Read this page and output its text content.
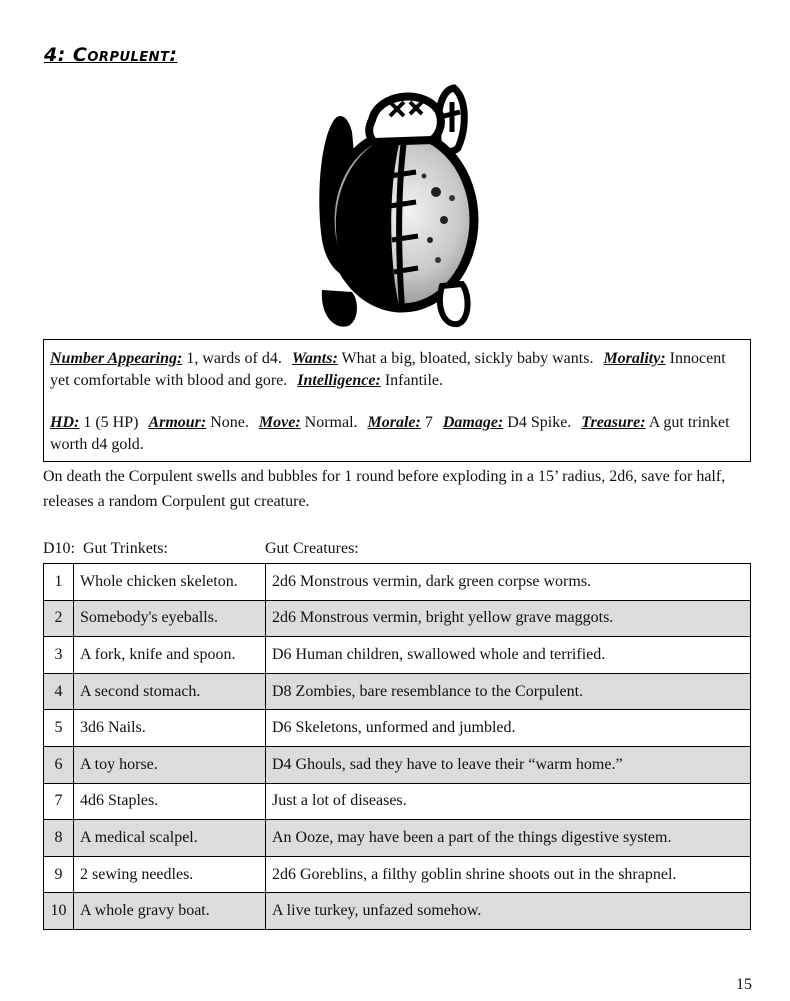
4: Corpulent:

Number Appearing: 1, wards of d4. Wants: What a big, bloated, sickly baby wants. Morality: Innocent yet comfortable with blood and gore. Intelligence: Infantile.

HD: 1 (5 HP) Armour: None. Move: Normal. Morale: 7 Damage: D4 Spike. Treasure: A gut trinket worth d4 gold.

On death the Corpulent swells and bubbles for 1 round before exploding in a 15’ radius, 2d6, save for half, releases a random Corpulent gut creature.

D10: Gut Trinkets:	Gut Creatures:
1	Whole chicken skeleton.	2d6 Monstrous vermin, dark green corpse worms.
2	Somebody's eyeballs.	2d6 Monstrous vermin, bright yellow grave maggots.
3	A fork, knife and spoon.	D6 Human children, swallowed whole and terrified.
4	A second stomach.	D8 Zombies, bare resemblance to the Corpulent.
5	3d6 Nails.	D6 Skeletons, unformed and jumbled.
6	A toy horse.	D4 Ghouls, sad they have to leave their “warm home.”
7	4d6 Staples.	Just a lot of diseases.
8	A medical scalpel.	An Ooze, may have been a part of the things digestive system.
9	2 sewing needles.	2d6 Goreblins, a filthy goblin shrine shoots out in the shrapnel.
10	A whole gravy boat.	A live turkey, unfazed somehow.
15
